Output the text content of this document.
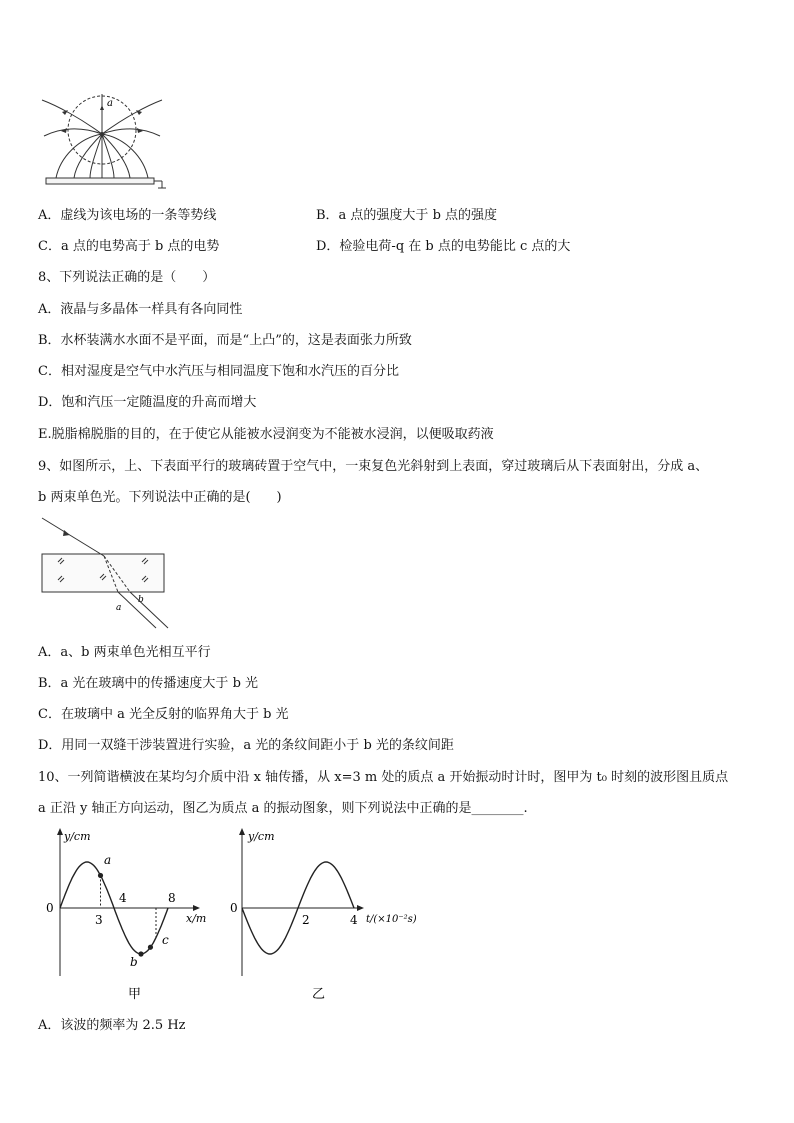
a
A．虚线为该电场的一条等势线	B．a 点的强度大于 b 点的强度
C．a 点的电势高于 b 点的电势	D．检验电荷-q 在 b 点的电势能比 c 点的大
8、下列说法正确的是（　　）
A．液晶与多晶体一样具有各向同性
B．水杯装满水水面不是平面，而是“上凸”的，这是表面张力所致
C．相对湿度是空气中水汽压与相同温度下饱和水汽压的百分比
D．饱和汽压一定随温度的升高而增大
E.脱脂棉脱脂的目的，在于使它从能被水浸润变为不能被水浸润，以便吸取药液
9、如图所示，上、下表面平行的玻璃砖置于空气中，一束复色光斜射到上表面，穿过玻璃后从下表面射出，分成 a、
b 两束单色光。下列说法中正确的是(　　)
a
b
A．a、b 两束单色光相互平行
B．a 光在玻璃中的传播速度大于 b 光
C．在玻璃中 a 光全反射的临界角大于 b 光
D．用同一双缝干涉装置进行实验，a 光的条纹间距小于 b 光的条纹间距
10、一列简谐横波在某均匀介质中沿 x 轴传播，从 x=3 m 处的质点 a 开始振动时计时，图甲为 t₀ 时刻的波形图且质点
a 正沿 y 轴正方向运动，图乙为质点 a 的振动图象，则下列说法中正确的是________.
y/cm
0
x/m
3
4	8
a
b
c
甲
y/cm
0
2	4 t/(×10⁻²s)
乙
A．该波的频率为 2.5 Hz
